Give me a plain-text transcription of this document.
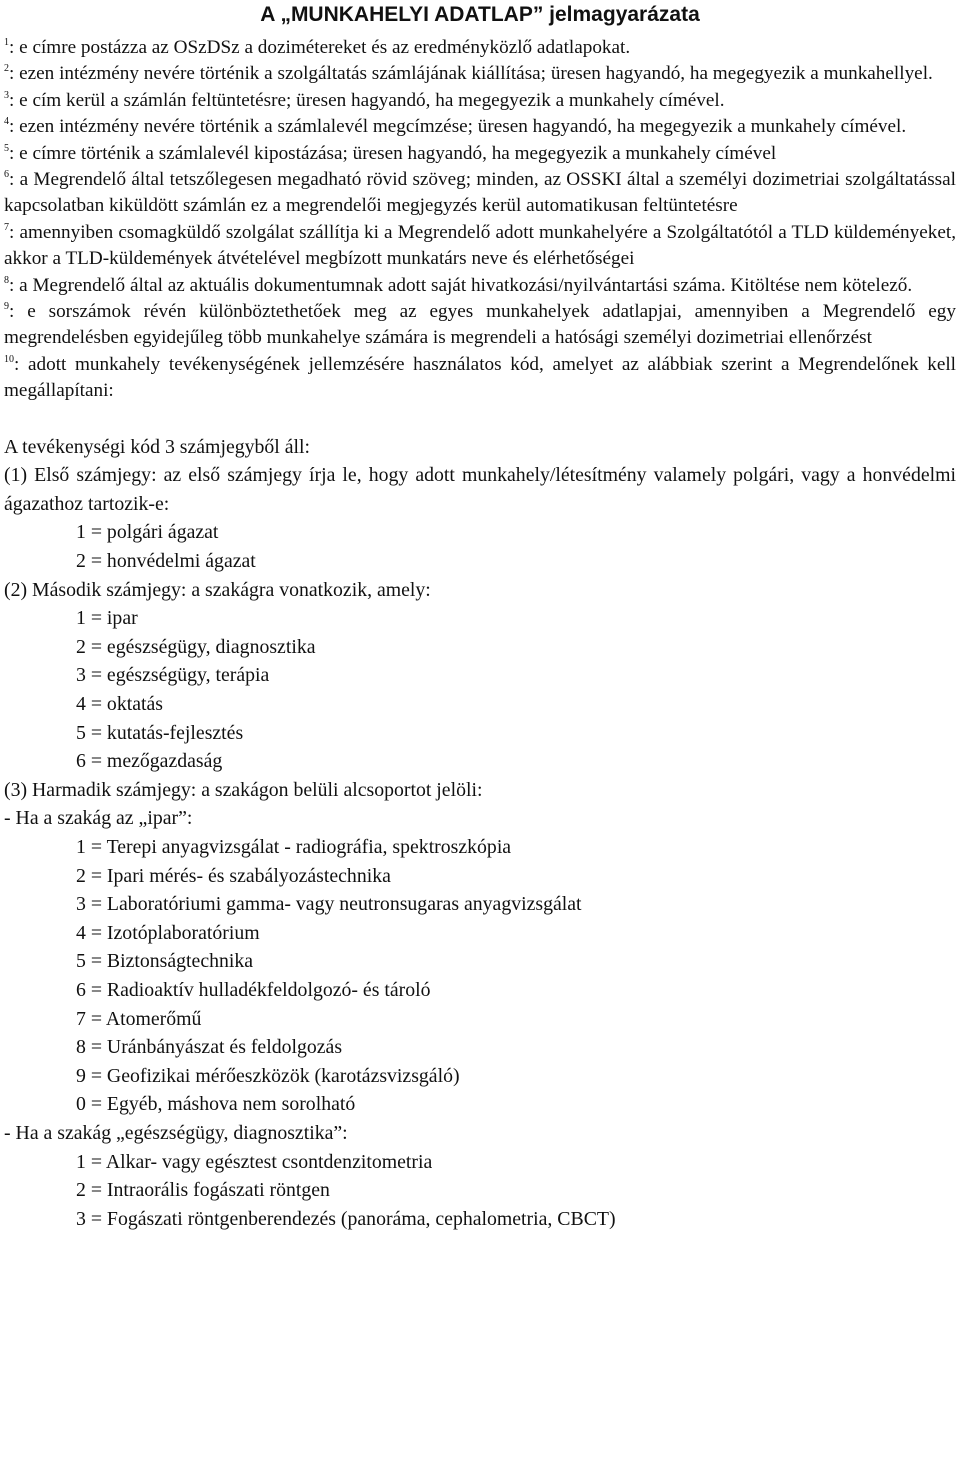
A „MUNKAHELYI ADATLAP” jelmagyarázata

$^1$: e címre postázza az OSzDSz a dozimétereket és az eredményközlő adatlapokat.

$^2$: ezen intézmény nevére történik a szolgáltatás számlájának kiállítása; üresen hagyandó, ha megegyezik a munkahellyel.

$^3$: e cím kerül a számlán feltüntetésre; üresen hagyandó, ha megegyezik a munkahely címével.

$^4$: ezen intézmény nevére történik a számlalevél megcímzése; üresen hagyandó, ha megegyezik a munkahely címével.

$^5$: e címre történik a számlalevél kipostázása; üresen hagyandó, ha megegyezik a munkahely címével

$^6$: a Megrendelő által tetszőlegesen megadható rövid szöveg; minden, az OSSKI által a személyi dozimetriai szolgáltatással kapcsolatban kiküldött számlán ez a megrendelői megjegyzés kerül automatikusan feltüntetésre

$^7$: amennyiben csomagküldő szolgálat szállítja ki a Megrendelő adott munkahelyére a Szolgáltatótól a TLD küldeményeket, akkor a TLD-küldemények átvételével megbízott munkatárs neve és elérhetőségei

$^8$: a Megrendelő által az aktuális dokumentumnak adott saját hivatkozási/nyilvántartási száma. Kitöltése nem kötelező.

$^9$: e sorszámok révén különböztethetőek meg az egyes munkahelyek adatlapjai, amennyiben a Megrendelő egy megrendelésben egyidejűleg több munkahelye számára is megrendeli a hatósági személyi dozimetriai ellenőrzést

$^{10}$: adott munkahely tevékenységének jellemzésére használatos kód, amelyet az alábbiak szerint a Megrendelőnek kell megállapítani:

A tevékenységi kód 3 számjegyből áll:

(1) Első számjegy: az első számjegy írja le, hogy adott munkahely/létesítmény valamely polgári, vagy a honvédelmi ágazathoz tartozik-e:

1 = polgári ágazat

2 = honvédelmi ágazat

(2) Második számjegy: a szakágra vonatkozik, amely:

1 = ipar

2 = egészségügy, diagnosztika

3 = egészségügy, terápia

4 = oktatás

5 = kutatás-fejlesztés

6 = mezőgazdaság

(3) Harmadik számjegy: a szakágon belüli alcsoportot jelöli:

- Ha a szakág az „ipar”:

1 = Terepi anyagvizsgálat - radiográfia, spektroszkópia

2 = Ipari mérés- és szabályozástechnika

3 = Laboratóriumi gamma- vagy neutronsugaras anyagvizsgálat

4 = Izotóplaboratórium

5 = Biztonságtechnika

6 = Radioaktív hulladékfeldolgozó- és tároló

7 = Atomerőmű

8 = Uránbányászat és feldolgozás

9 = Geofizikai mérőeszközök (karotázsvizsgáló)

0 = Egyéb, máshova nem sorolható

- Ha a szakág „egészségügy, diagnosztika”:

1 = Alkar- vagy egésztest csontdenzitometria

2 = Intraorális fogászati röntgen

3 = Fogászati röntgenberendezés (panoráma, cephalometria, CBCT)
